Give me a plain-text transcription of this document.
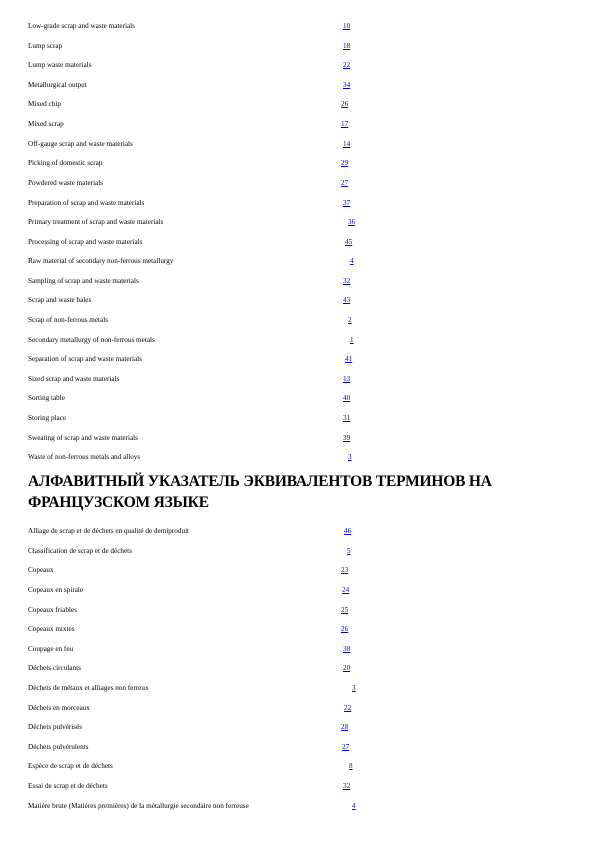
Low-grade scrap and waste materials	10
Lump scrap	18
Lump waste materials	22
Metallurgical output	34
Mixed chip	26
Mixed scrap	17
Off-gauge scrap and waste materials	14
Picking of domestic scrap	29
Powdered waste materials	27
Preparation of scrap and waste materials	37
Primary treatment of scrap and waste materials	36
Processing of scrap and waste materials	45
Raw material of secondary non-ferrous metallurgy	4
Sampling of scrap and waste materials	32
Scrap and waste bales	43
Scrap of non-ferrous metals	2
Secondary metallurgy of non-ferrous metals	1
Separation of scrap and waste materials	41
Sized scrap and waste materials	13
Sorting table	40
Storing place	31
Sweating of scrap and waste materials	39
Waste of non-ferrous metals and alloys	3
АЛФАВИТНЫЙ УКАЗАТЕЛЬ ЭКВИВАЛЕНТОВ ТЕРМИНОВ НА ФРАНЦУЗСКОМ ЯЗЫКЕ
Alliage de scrap et de déchets en qualité de demiproduit	46
Classification de scrap et de déchets	5
Copeaux	23
Copeaux en spirale	24
Copeaux friables	25
Copeaux mixtes	26
Coupage en feu	38
Déchets circulants	20
Déchets de métaux et alliages non ferreux	3
Déchets en morceaux	22
Déchets pulvérisés	28
Déchets pulvérulents	27
Espèce de scrap et de déchets	8
Essai de scrap et de déchets	32
Matière brute (Matières premières) de la métallurgie secondaire non ferreuse	4
